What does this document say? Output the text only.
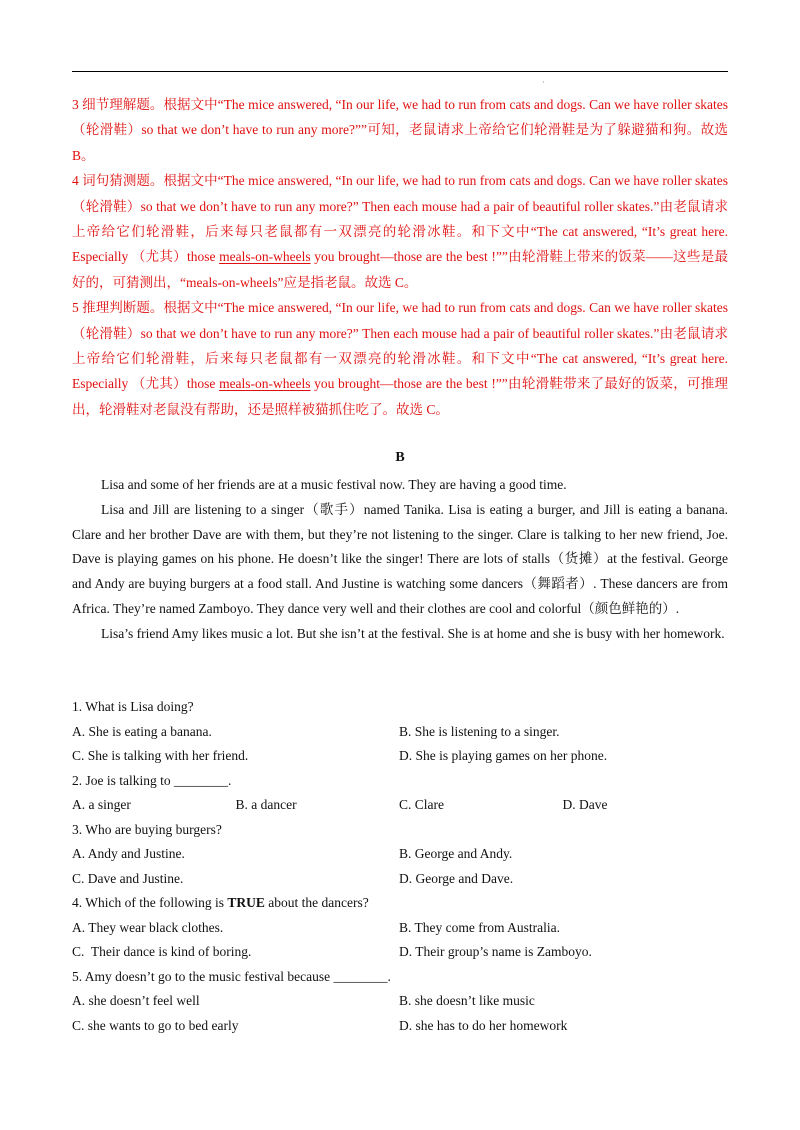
·

3 细节理解题。根据文中“The mice answered, “In our life, we had to run from cats and dogs. Can we have roller skates（轮滑鞋）so that we don’t have to run any more?””可知，老鼠请求上帝给它们轮滑鞋是为了躲避猫和狗。故选 B。

4 词句猜测题。根据文中“The mice answered, “In our life, we had to run from cats and dogs. Can we have roller skates（轮滑鞋）so that we don’t have to run any more?” Then each mouse had a pair of beautiful roller skates.”由老鼠请求上帝给它们轮滑鞋，后来每只老鼠都有一双漂亮的轮滑冰鞋。和下文中“The cat answered, “It’s great here. Especially （尤其）those meals-on-wheels you brought—those are the best !””由轮滑鞋上带来的饭菜——这些是最好的，可猜测出，“meals-on-wheels”应是指老鼠。故选 C。

5 推理判断题。根据文中“The mice answered, “In our life, we had to run from cats and dogs. Can we have roller skates（轮滑鞋）so that we don’t have to run any more?” Then each mouse had a pair of beautiful roller skates.”由老鼠请求上帝给它们轮滑鞋，后来每只老鼠都有一双漂亮的轮滑冰鞋。和下文中“The cat answered, “It’s great here. Especially （尤其）those meals-on-wheels you brought—those are the best !””由轮滑鞋带来了最好的饭菜，可推理出，轮滑鞋对老鼠没有帮助，还是照样被猫抓住吃了。故选 C。

B

Lisa and some of her friends are at a music festival now. They are having a good time.

Lisa and Jill are listening to a singer（歌手）named Tanika. Lisa is eating a burger, and Jill is eating a banana. Clare and her brother Dave are with them, but they’re not listening to the singer. Clare is talking to her new friend, Joe. Dave is playing games on his phone. He doesn’t like the singer! There are lots of stalls（货摊）at the festival. George and Andy are buying burgers at a food stall. And Justine is watching some dancers（舞蹈者）. These dancers are from Africa. They’re named Zamboyo. They dance very well and their clothes are cool and colorful（颜色鲜艳的）.

Lisa’s friend Amy likes music a lot. But she isn’t at the festival. She is at home and she is busy with her homework.

1. What is Lisa doing?

A. She is eating a banana.	B. She is listening to a singer.
C. She is talking with her friend.	D. She is playing games on her phone.

2. Joe is talking to ________.

A. a singer	B. a dancer	C. Clare	D. Dave

3. Who are buying burgers?

A. Andy and Justine.	B. George and Andy.
C. Dave and Justine.	D. George and Dave.

4. Which of the following is TRUE about the dancers?

A. They wear black clothes.	B. They come from Australia.
C.  Their dance is kind of boring.	D. Their group’s name is Zamboyo.

5. Amy doesn’t go to the music festival because ________.

A. she doesn’t feel well	B. she doesn’t like music
C. she wants to go to bed early	D. she has to do her homework
